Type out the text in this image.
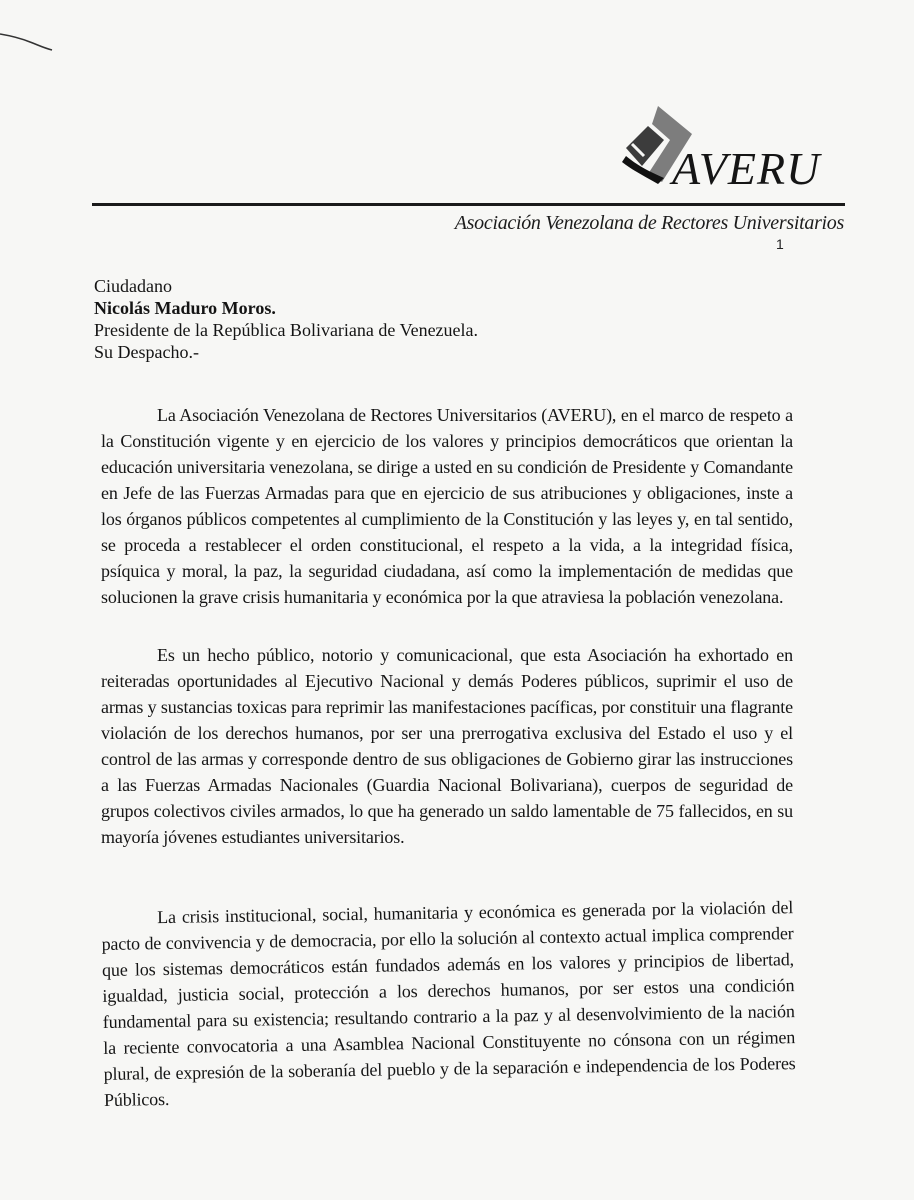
AVERU
Asociación Venezolana de Rectores Universitarios
1
Ciudadano
Nicolás Maduro Moros.
Presidente de la República Bolivariana de Venezuela.
Su Despacho.-
La Asociación Venezolana de Rectores Universitarios (AVERU), en el marco de respeto a la Constitución vigente y en ejercicio de los valores y principios democráticos que orientan la educación universitaria venezolana, se dirige a usted en su condición de Presidente y Comandante en Jefe de las Fuerzas Armadas para que en ejercicio de sus atribuciones y obligaciones, inste a los órganos públicos competentes al cumplimiento de la Constitución y las leyes y, en tal sentido, se proceda a restablecer el orden constitucional, el respeto a la vida, a la integridad física, psíquica y moral, la paz, la seguridad ciudadana, así como la implementación de medidas que solucionen la grave crisis humanitaria y económica por la que atraviesa la población venezolana.
Es un hecho público, notorio y comunicacional, que esta Asociación ha exhortado en reiteradas oportunidades al Ejecutivo Nacional y demás Poderes públicos, suprimir el uso de armas y sustancias toxicas para reprimir las manifestaciones pacíficas, por constituir una flagrante violación de los derechos humanos, por ser una prerrogativa exclusiva del Estado el uso y el control de las armas y corresponde dentro de sus obligaciones de Gobierno girar las instrucciones a las Fuerzas Armadas Nacionales (Guardia Nacional Bolivariana), cuerpos de seguridad de grupos colectivos civiles armados, lo que ha generado un saldo lamentable de 75 fallecidos, en su mayoría jóvenes estudiantes universitarios.
La crisis institucional, social, humanitaria y económica es generada por la violación del pacto de convivencia y de democracia, por ello la solución al contexto actual implica comprender que los sistemas democráticos están fundados además en los valores y principios de libertad, igualdad, justicia social, protección a los derechos humanos, por ser estos una condición fundamental para su existencia; resultando contrario a la paz y al desenvolvimiento de la nación la reciente convocatoria a una Asamblea Nacional Constituyente no cónsona con un régimen plural, de expresión de la soberanía del pueblo y de la separación e independencia de los Poderes Públicos.
